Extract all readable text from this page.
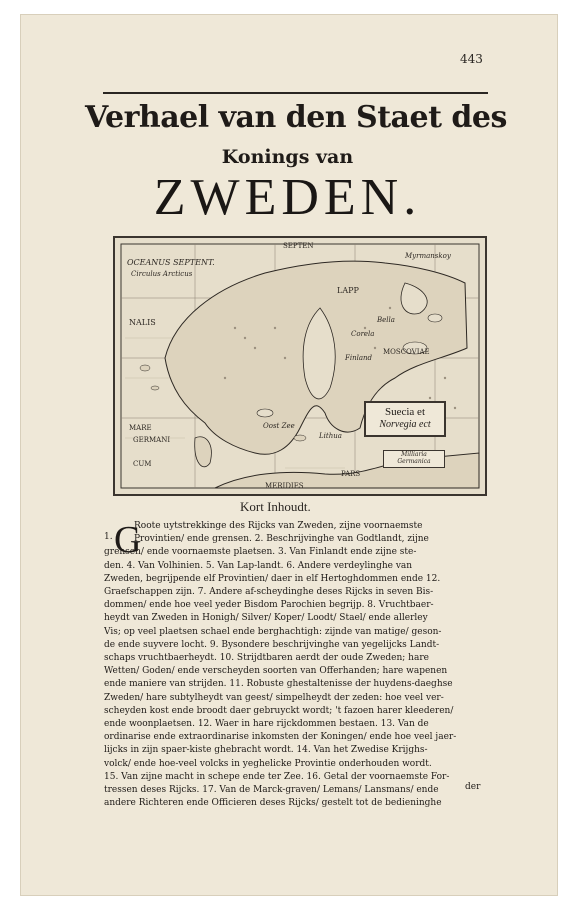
443
Verhael van den Staet des
Konings van
ZWEDEN.
OCEANUS SEPTENT.
Circulus Arcticus
SEPTEN
NALIS
MARE
GERMANI
CUM
MERIDIES
LAPP
Myrmanskoy
MOSCOVIAE
Finland
Corela
Bella
Oost Zee
Lithua
PARS
Suecia et
Norvegia ect
Milliaria Germanica
Kort Inhoudt.
1. G
Roote uytstrekkinge des Rijcks van Zweden, zijne voornaemste
Provintien/ ende grensen. 2. Beschrijvinghe van Godtlandt, zijne
grensen/ ende voornaemste plaetsen. 3. Van Finlandt ende zijne ste-
den. 4. Van Volhinien. 5. Van Lap-landt. 6. Andere verdeylinghe van
Zweden, begrijpende elf Provintien/ daer in elf Hertoghdommen ende 12.
Graefschappen zijn. 7. Andere af-scheydinghe deses Rijcks in seven Bis-
dommen/ ende hoe veel yeder Bisdom Parochien begrijp. 8. Vruchtbaer-
heydt van Zweden in Honigh/ Silver/ Koper/ Loodt/ Stael/ ende allerley
Vis; op veel plaetsen schael ende berghachtigh: zijnde van matige/ geson-
de ende suyvere locht. 9. Bysondere beschrijvinghe van yegelijcks Landt-
schaps vruchtbaerheydt. 10. Strijdtbaren aerdt der oude Zweden; hare
Wetten/ Goden/ ende verscheyden soorten van Offerhanden; hare wapenen
ende maniere van strijden. 11. Robuste ghestaltenisse der huydens-daeghse
Zweden/ hare subtylheydt van geest/ simpelheydt der zeden: hoe veel ver-
scheyden kost ende broodt daer gebruyckt wordt; 't fazoen harer kleederen/
ende woonplaetsen. 12. Waer in hare rijckdommen bestaen. 13. Van de
ordinarise ende extraordinarise inkomsten der Koningen/ ende hoe veel jaer-
lijcks in zijn spaer-kiste ghebracht wordt. 14. Van het Zwedise Krijghs-
volck/ ende hoe-veel volcks in yeghelicke Provintie onderhouden wordt.
15. Van zijne macht in schepe ende ter Zee. 16. Getal der voornaemste For-
tressen deses Rijcks. 17. Van de Marck-graven/ Lemans/ Lansmans/ ende
andere Richteren ende Officieren deses Rijcks/ gestelt tot de bedieninghe
der
